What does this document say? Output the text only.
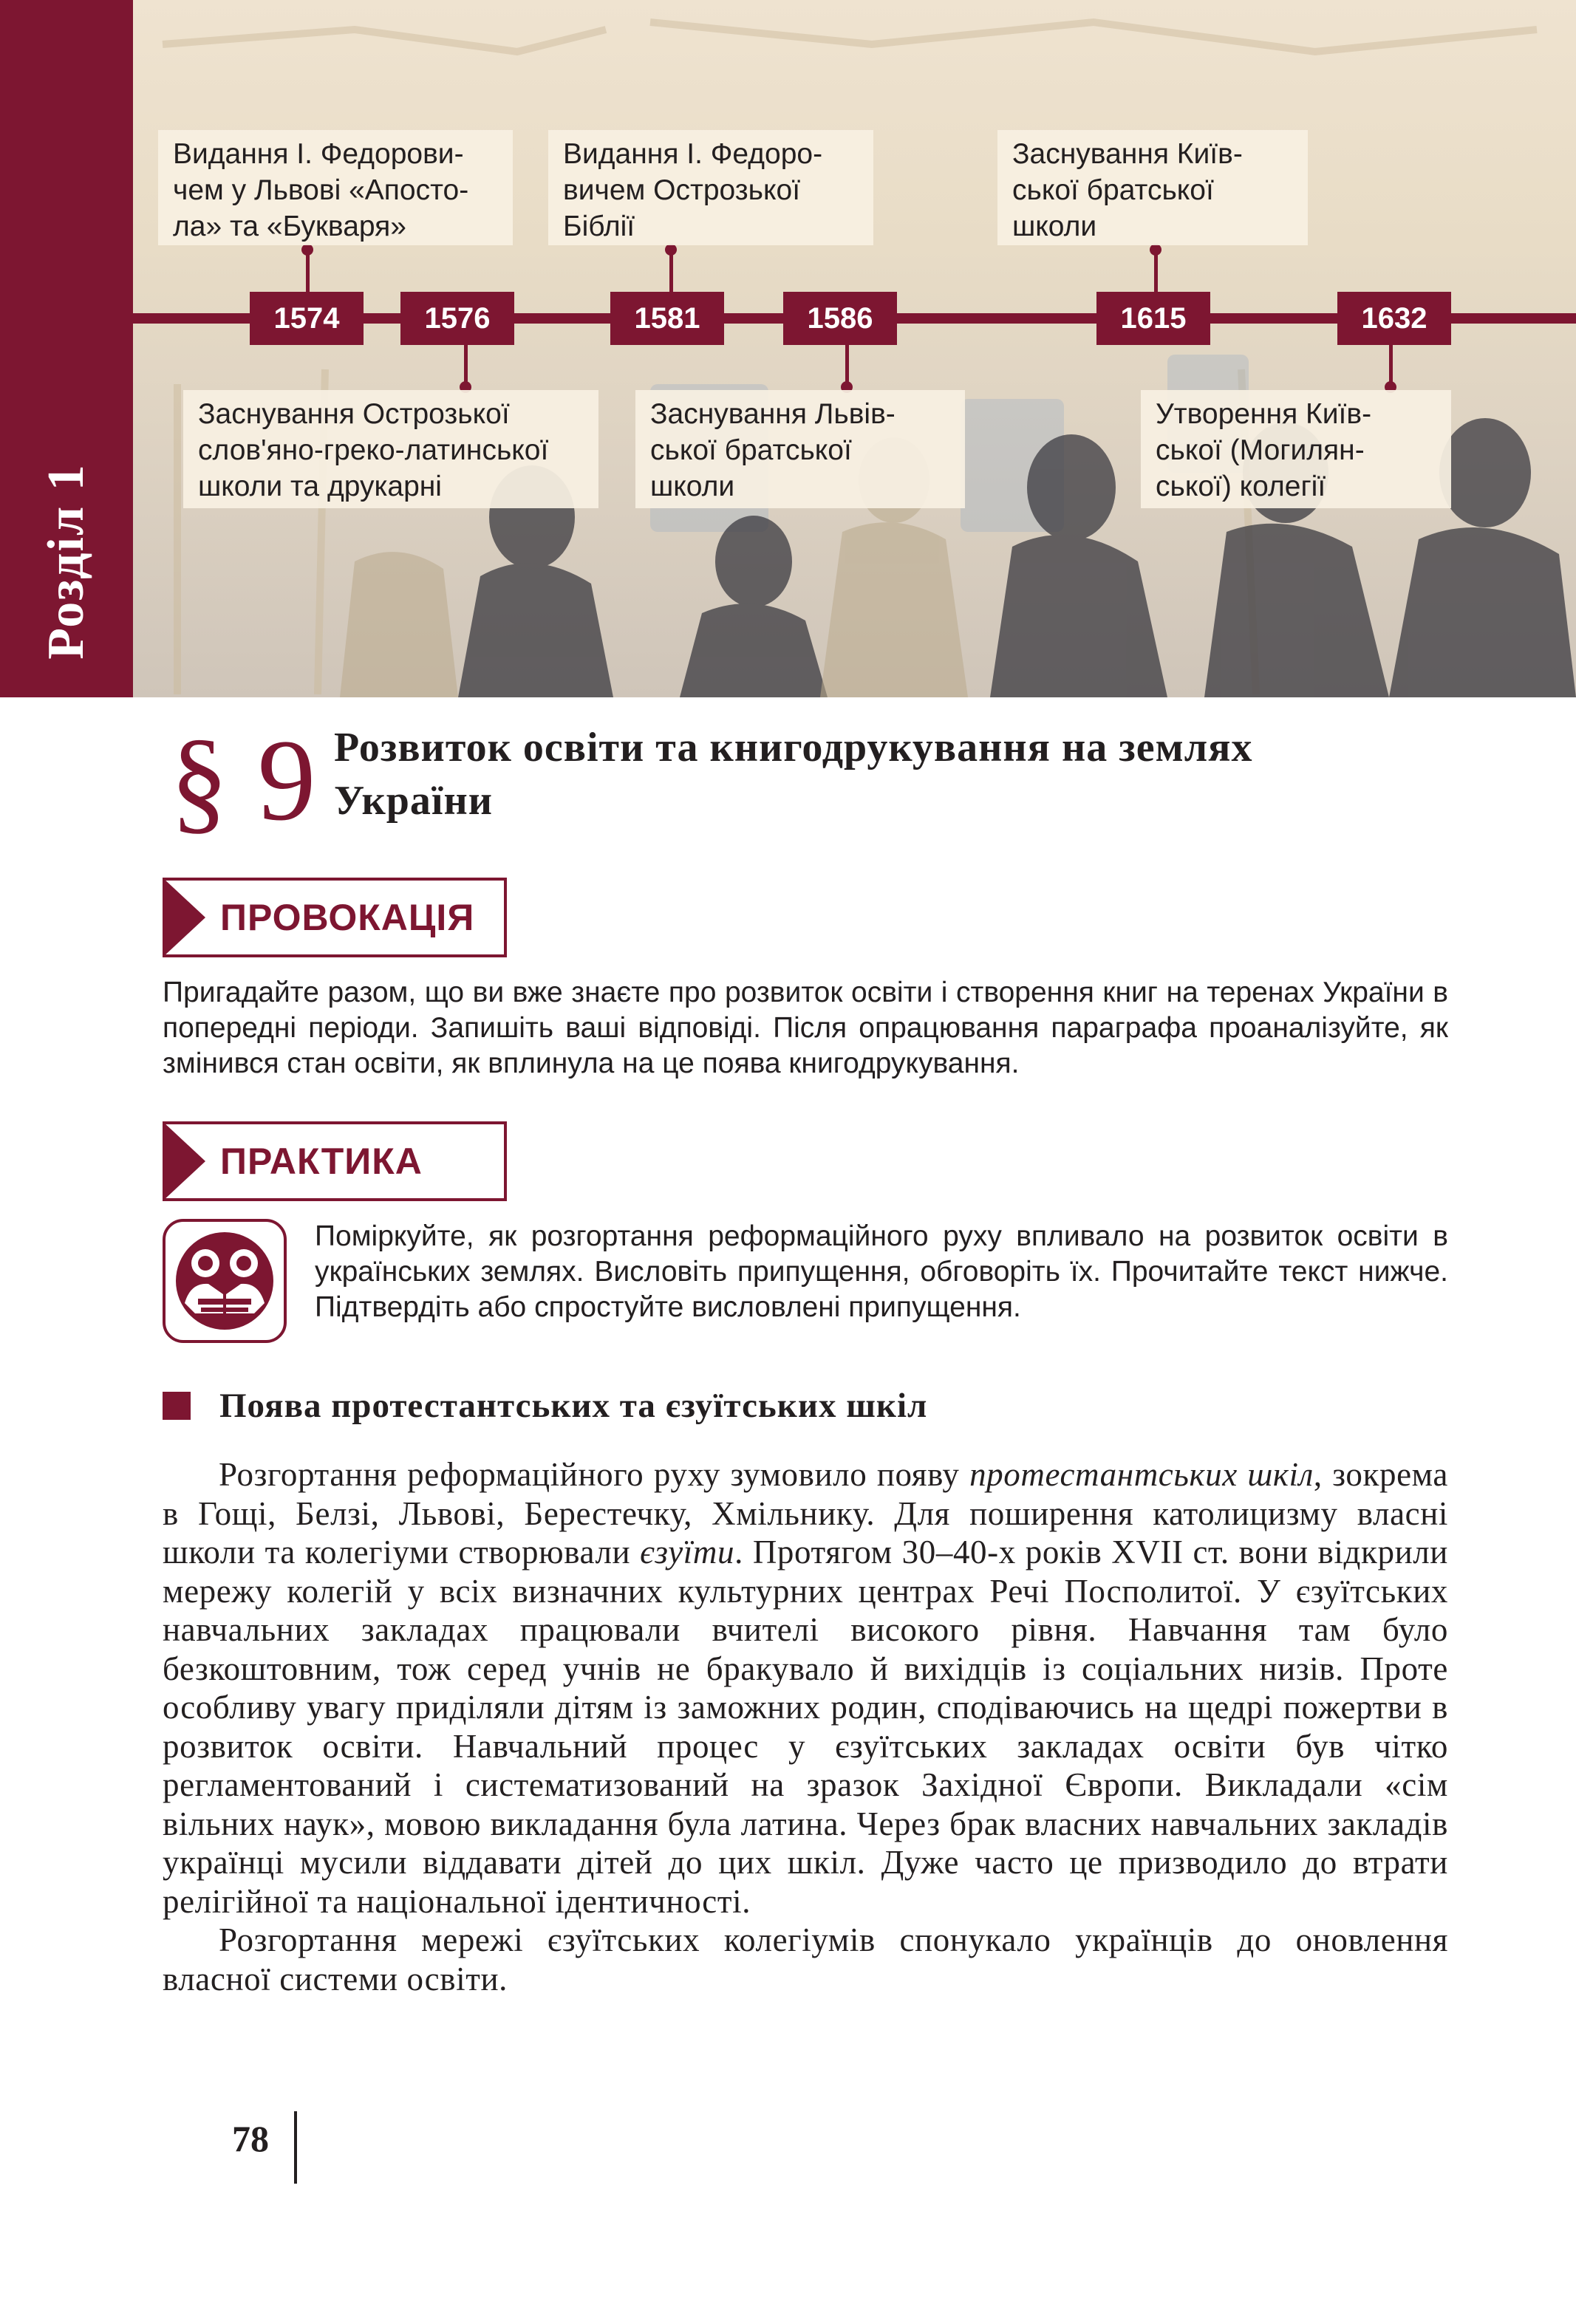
Розділ 1
1574	1576	1581	1586	1615	1632
Видання І. Федорови-
чем у Львові «Апосто-
ла» та «Букваря»
Видання І. Федоро-
вичем Острозької
Біблії
Заснування Київ-
ської братської
школи
Заснування Острозької
слов'яно-греко-латинської
школи та друкарні
Заснування Львів-
ської братської
школи
Утворення Київ-
ської (Могилян-
ської) колегії
§ 9 Розвиток освіти та книгодрукування на землях України
ПРОВОКАЦІЯ
Пригадайте разом, що ви вже знаєте про розвиток освіти і створення книг на теренах України в попередні періоди. Запишіть ваші відповіді. Після опрацювання параграфа проаналізуйте, як змінився стан освіти, як вплинула на це поява книгодрукування.
ПРАКТИКА
Поміркуйте, як розгортання реформаційного руху впливало на розвиток освіти в українських землях. Висловіть припущення, обговоріть їх. Прочитайте текст нижче. Підтвердіть або спростуйте висловлені припущення.
Поява протестантських та єзуїтських шкіл

Розгортання реформаційного руху зумовило появу протестантських шкіл, зокрема в Гощі, Белзі, Львові, Берестечку, Хмільнику. Для поширення католицизму власні школи та колегіуми створювали єзуїти. Протягом 30–40-х років XVII ст. вони відкрили мережу колегій у всіх визначних культурних центрах Речі Посполитої. У єзуїтських навчальних закладах працювали вчителі високого рівня. Навчання там було безкоштовним, тож серед учнів не бракувало й вихідців із соціальних низів. Проте особливу увагу приділяли дітям із заможних родин, сподіваючись на щедрі пожертви в розвиток освіти. Навчальний процес у єзуїтських закладах освіти був чітко регламентований і систематизований на зразок Західної Європи. Викладали «сім вільних наук», мовою викладання була латина. Через брак власних навчальних закладів українці мусили віддавати дітей до цих шкіл. Дуже часто це призводило до втрати релігійної та національної ідентичності.

Розгортання мережі єзуїтських колегіумів спонукало українців до оновлення власної системи освіти.

78
